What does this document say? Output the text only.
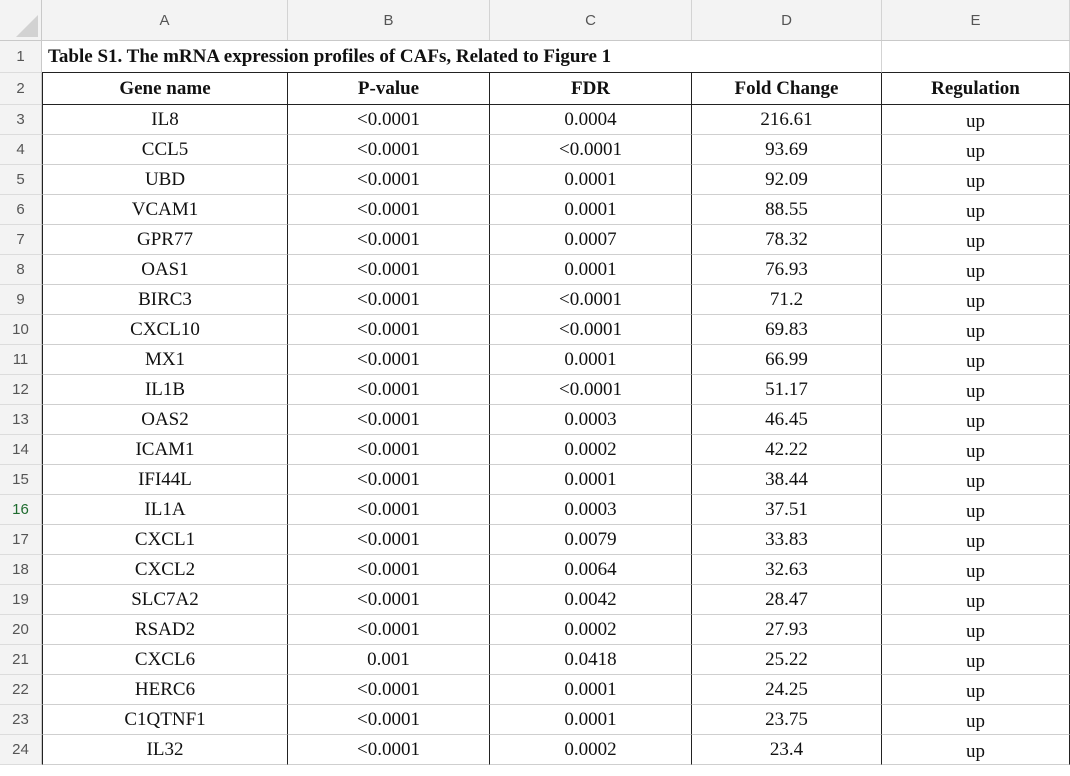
A	B	C	D	E
1	Table S1. The mRNA expression profiles of CAFs, Related to Figure 1
2	Gene name	P-value	FDR	Fold Change	Regulation
3	IL8	<0.0001	0.0004	216.61	up
4	CCL5	<0.0001	<0.0001	93.69	up
5	UBD	<0.0001	0.0001	92.09	up
6	VCAM1	<0.0001	0.0001	88.55	up
7	GPR77	<0.0001	0.0007	78.32	up
8	OAS1	<0.0001	0.0001	76.93	up
9	BIRC3	<0.0001	<0.0001	71.2	up
10	CXCL10	<0.0001	<0.0001	69.83	up
11	MX1	<0.0001	0.0001	66.99	up
12	IL1B	<0.0001	<0.0001	51.17	up
13	OAS2	<0.0001	0.0003	46.45	up
14	ICAM1	<0.0001	0.0002	42.22	up
15	IFI44L	<0.0001	0.0001	38.44	up
16	IL1A	<0.0001	0.0003	37.51	up
17	CXCL1	<0.0001	0.0079	33.83	up
18	CXCL2	<0.0001	0.0064	32.63	up
19	SLC7A2	<0.0001	0.0042	28.47	up
20	RSAD2	<0.0001	0.0002	27.93	up
21	CXCL6	0.001	0.0418	25.22	up
22	HERC6	<0.0001	0.0001	24.25	up
23	C1QTNF1	<0.0001	0.0001	23.75	up
24	IL32	<0.0001	0.0002	23.4	up
